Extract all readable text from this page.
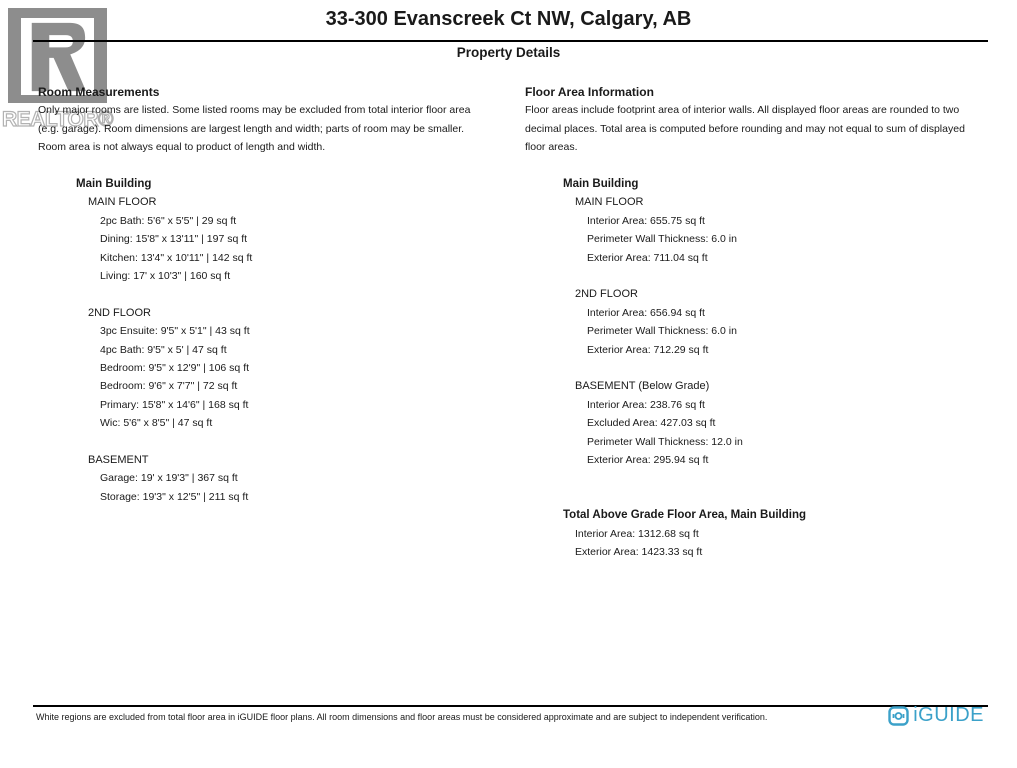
REALTOR®
33-300 Evanscreek Ct NW, Calgary, AB
Property Details
Room Measurements
Only major rooms are listed. Some listed rooms may be excluded from total interior floor area
(e.g. garage). Room dimensions are largest length and width; parts of room may be smaller.
Room area is not always equal to product of length and width.
Main Building
MAIN FLOOR
2pc Bath: 5'6" x 5'5" | 29 sq ft
Dining: 15'8" x 13'11" | 197 sq ft
Kitchen: 13'4" x 10'11" | 142 sq ft
Living: 17' x 10'3" | 160 sq ft
2ND FLOOR
3pc Ensuite: 9'5" x 5'1" | 43 sq ft
4pc Bath: 9'5" x 5' | 47 sq ft
Bedroom: 9'5" x 12'9" | 106 sq ft
Bedroom: 9'6" x 7'7" | 72 sq ft
Primary: 15'8" x 14'6" | 168 sq ft
Wic: 5'6" x 8'5" | 47 sq ft
BASEMENT
Garage: 19' x 19'3" | 367 sq ft
Storage: 19'3" x 12'5" | 211 sq ft
Floor Area Information
Floor areas include footprint area of interior walls. All displayed floor areas are rounded to two
decimal places. Total area is computed before rounding and may not equal to sum of displayed
floor areas.
Main Building
MAIN FLOOR
Interior Area: 655.75 sq ft
Perimeter Wall Thickness: 6.0 in
Exterior Area: 711.04 sq ft
2ND FLOOR
Interior Area: 656.94 sq ft
Perimeter Wall Thickness: 6.0 in
Exterior Area: 712.29 sq ft
BASEMENT (Below Grade)
Interior Area: 238.76 sq ft
Excluded Area: 427.03 sq ft
Perimeter Wall Thickness: 12.0 in
Exterior Area: 295.94 sq ft
Total Above Grade Floor Area, Main Building
Interior Area: 1312.68 sq ft
Exterior Area: 1423.33 sq ft
White regions are excluded from total floor area in iGUIDE floor plans. All room dimensions and floor areas must be considered approximate and are subject to independent verification.	iGUIDE
